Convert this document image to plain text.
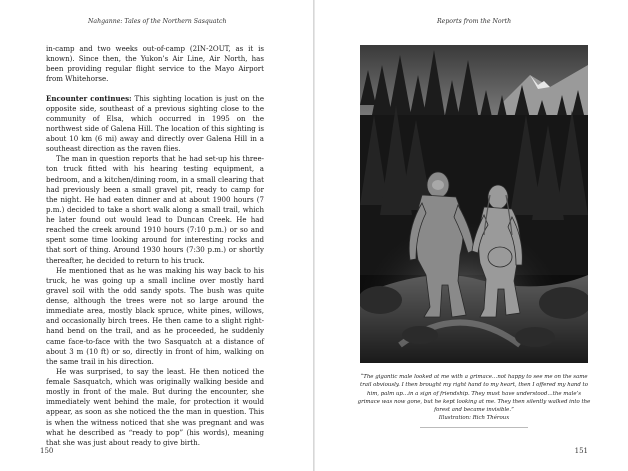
Nahganne: Tales of the Northern Sasquatch

in-camp and two weeks out-of-camp (2IN-2OUT, as it is known). Since then, the Yukon’s Air Line, Air North, has been providing regular flight service to the Mayo Airport from Whitehorse.

Encounter continues: This sighting location is just on the opposite side, southeast of a previous sighting close to the community of Elsa, which occurred in 1995 on the northwest side of Galena Hill. The location of this sighting is about 10 km (6 mi) away and directly over Galena Hill in a southeast direction as the raven flies.

The man in question reports that he had set-up his three-ton truck fitted with his hearing testing equipment, a bedroom, and a kitchen/dining room, in a small clearing that had previously been a small gravel pit, ready to camp for the night. He had eaten dinner and at about 1900 hours (7 p.m.) decided to take a short walk along a small trail, which he later found out would lead to Duncan Creek. He had reached the creek around 1910 hours (7:10 p.m.) or so and spent some time looking around for interesting rocks and that sort of thing. Around 1930 hours (7:30 p.m.) or shortly thereafter, he decided to return to his truck.

He mentioned that as he was making his way back to his truck, he was going up a small incline over mostly hard gravel soil with the odd sandy spots. The bush was quite dense, although the trees were not so large around the immediate area, mostly black spruce, white pines, willows, and occasionally birch trees. He then came to a slight right-hand bend on the trail, and as he proceeded, he suddenly came face-to-face with the two Sasquatch at a distance of about 3 m (10 ft) or so, directly in front of him, walking on the same trail in his direction.

He was surprised, to say the least. He then noticed the female Sasquatch, which was originally walking beside and mostly in front of the male. But during the encounter, she immediately went behind the male, for protection it would appear, as soon as she noticed the the man in question. This is when the witness noticed that she was pregnant and was what he described as “ready to pop” (his words), meaning that she was just about ready to give birth.

150
Reports from the North
“The gigantic male looked at me with a grimace…not happy to see me on the same trail obviously. I then brought my right hand to my heart, then I offered my hand to him, palm up…in a sign of friendship. They must have understood…the male’s grimace was now gone, but he kept looking at me. They then silently walked into the forest and became invisible.”
Illustration: Rich Théroux
151
